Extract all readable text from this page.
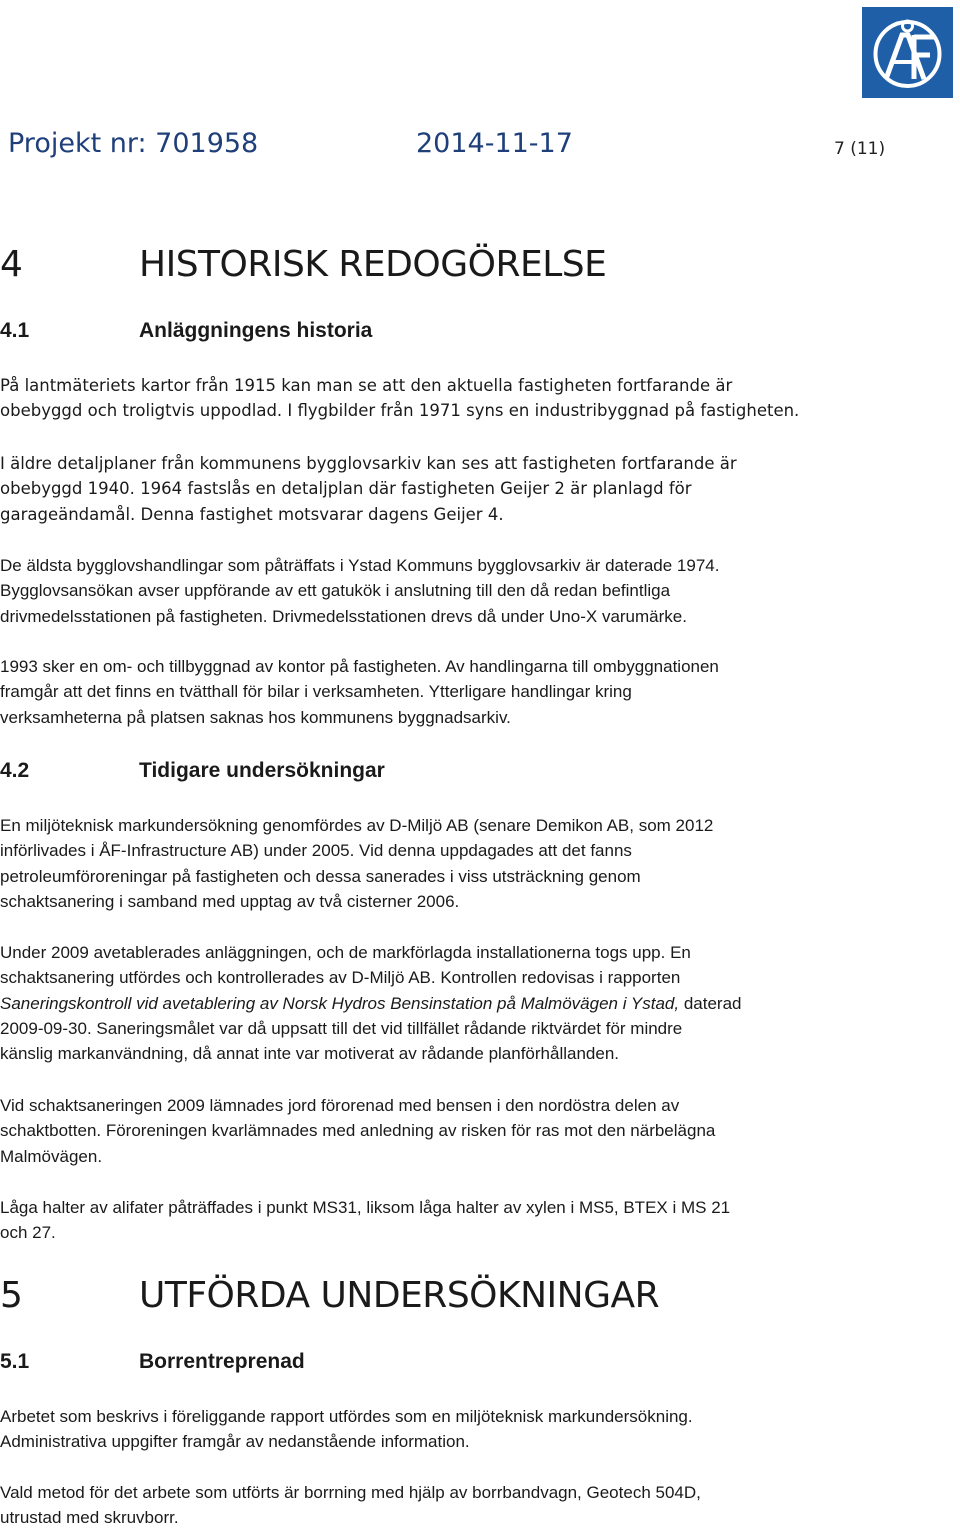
Projekt nr: 701958	2014-11-17	7 (11)
4	HISTORISK REDOGÖRELSE
4.1	Anläggningens historia

På lantmäteriets kartor från 1915 kan man se att den aktuella fastigheten fortfarande är
obebyggd och troligtvis uppodlad. I flygbilder från 1971 syns en industribyggnad på fastigheten.

I äldre detaljplaner från kommunens bygglovsarkiv kan ses att fastigheten fortfarande är
obebyggd 1940. 1964 fastslås en detaljplan där fastigheten Geijer 2 är planlagd för
garageändamål. Denna fastighet motsvarar dagens Geijer 4.

De äldsta bygglovshandlingar som påträffats i Ystad Kommuns bygglovsarkiv är daterade 1974.
Bygglovsansökan avser uppförande av ett gatukök i anslutning till den då redan befintliga
drivmedelsstationen på fastigheten. Drivmedelsstationen drevs då under Uno-X varumärke.

1993 sker en om- och tillbyggnad av kontor på fastigheten. Av handlingarna till ombyggnationen
framgår att det finns en tvätthall för bilar i verksamheten. Ytterligare handlingar kring
verksamheterna på platsen saknas hos kommunens byggnadsarkiv.

4.2	Tidigare undersökningar

En miljöteknisk markundersökning genomfördes av D-Miljö AB (senare Demikon AB, som 2012
införlivades i ÅF-Infrastructure AB) under 2005. Vid denna uppdagades att det fanns
petroleumföroreningar på fastigheten och dessa sanerades i viss utsträckning genom
schaktsanering i samband med upptag av två cisterner 2006.

Under 2009 avetablerades anläggningen, och de markförlagda installationerna togs upp. En
schaktsanering utfördes och kontrollerades av D-Miljö AB. Kontrollen redovisas i rapporten
Saneringskontroll vid avetablering av Norsk Hydros Bensinstation på Malmövägen i Ystad, daterad
2009-09-30. Saneringsmålet var då uppsatt till det vid tillfället rådande riktvärdet för mindre
känslig markanvändning, då annat inte var motiverat av rådande planförhållanden.

Vid schaktsaneringen 2009 lämnades jord förorenad med bensen i den nordöstra delen av
schaktbotten. Föroreningen kvarlämnades med anledning av risken för ras mot den närbelägna
Malmövägen.

Låga halter av alifater påträffades i punkt MS31, liksom låga halter av xylen i MS5, BTEX i MS 21
och 27.

5	UTFÖRDA UNDERSÖKNINGAR
5.1	Borrentreprenad

Arbetet som beskrivs i föreliggande rapport utfördes som en miljöteknisk markundersökning.
Administrativa uppgifter framgår av nedanstående information.

Vald metod för det arbete som utförts är borrning med hjälp av borrbandvagn, Geotech 504D,
utrustad med skruvborr.
